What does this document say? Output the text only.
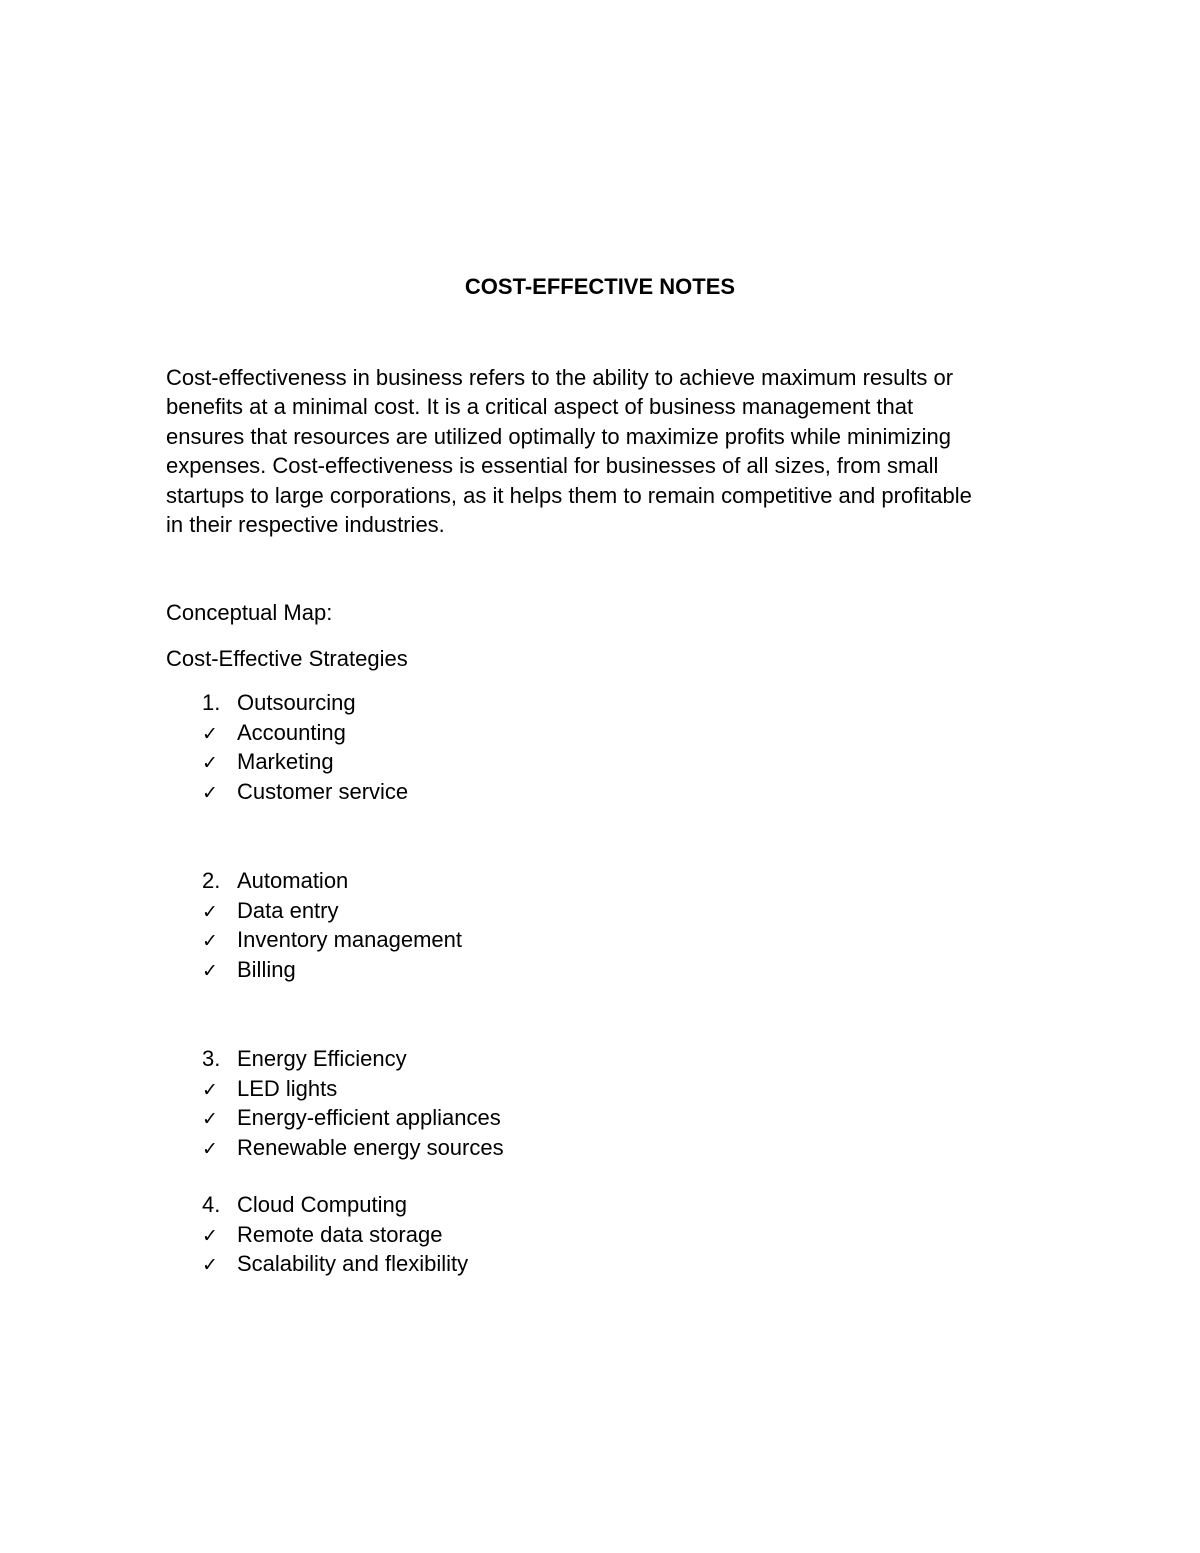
COST-EFFECTIVE NOTES
Cost-effectiveness in business refers to the ability to achieve maximum results or
benefits at a minimal cost. It is a critical aspect of business management that
ensures that resources are utilized optimally to maximize profits while minimizing
expenses. Cost-effectiveness is essential for businesses of all sizes, from small
startups to large corporations, as it helps them to remain competitive and profitable
in their respective industries.
Conceptual Map:
Cost-Effective Strategies
1. Outsourcing
✓ Accounting
✓ Marketing
✓ Customer service
2. Automation
✓ Data entry
✓ Inventory management
✓ Billing
3. Energy Efficiency
✓ LED lights
✓ Energy-efficient appliances
✓ Renewable energy sources
4. Cloud Computing
✓ Remote data storage
✓ Scalability and flexibility
